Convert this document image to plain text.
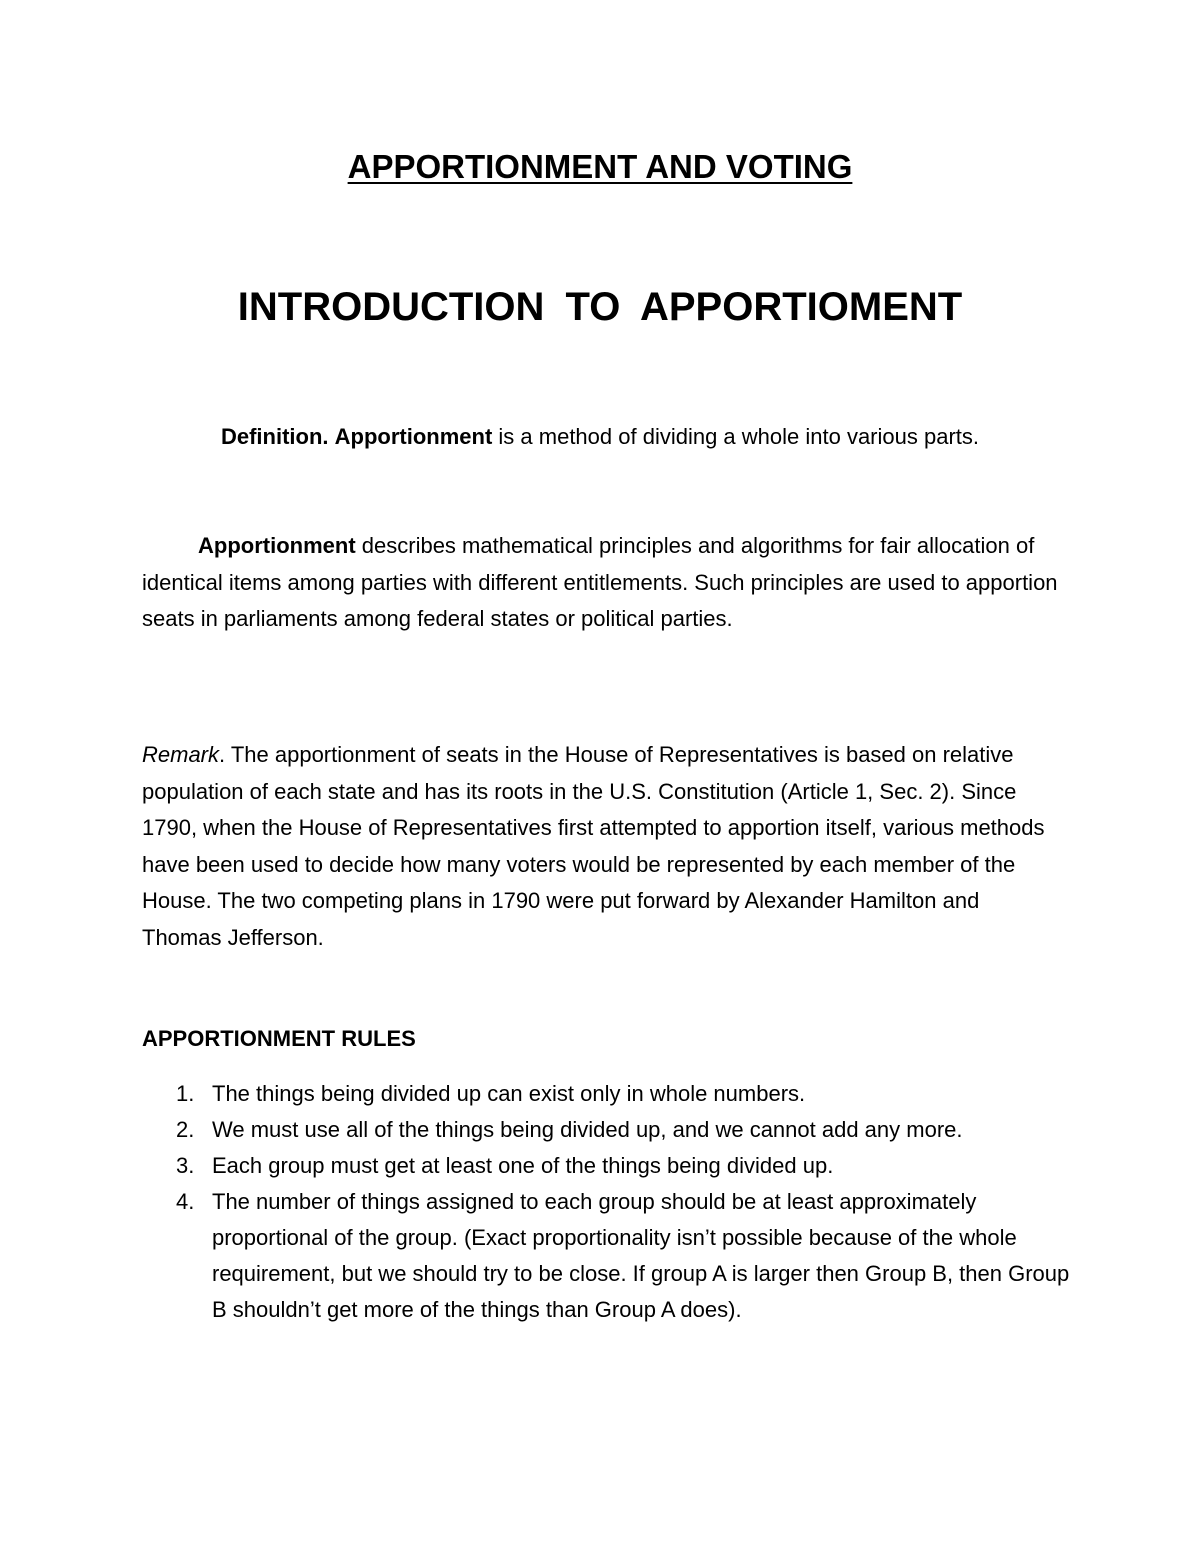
APPORTIONMENT AND VOTING
INTRODUCTION TO APPORTIOMENT
Definition. Apportionment is a method of dividing a whole into various parts.
Apportionment describes mathematical principles and algorithms for fair allocation of identical items among parties with different entitlements. Such principles are used to apportion seats in parliaments among federal states or political parties.
Remark. The apportionment of seats in the House of Representatives is based on relative population of each state and has its roots in the U.S. Constitution (Article 1, Sec. 2). Since 1790, when the House of Representatives first attempted to apportion itself, various methods have been used to decide how many voters would be represented by each member of the House. The two competing plans in 1790 were put forward by Alexander Hamilton and Thomas Jefferson.
APPORTIONMENT RULES
1. The things being divided up can exist only in whole numbers.
2. We must use all of the things being divided up, and we cannot add any more.
3. Each group must get at least one of the things being divided up.
4. The number of things assigned to each group should be at least approximately proportional of the group. (Exact proportionality isn’t possible because of the whole requirement, but we should try to be close. If group A is larger then Group B, then Group B shouldn’t get more of the things than Group A does).
